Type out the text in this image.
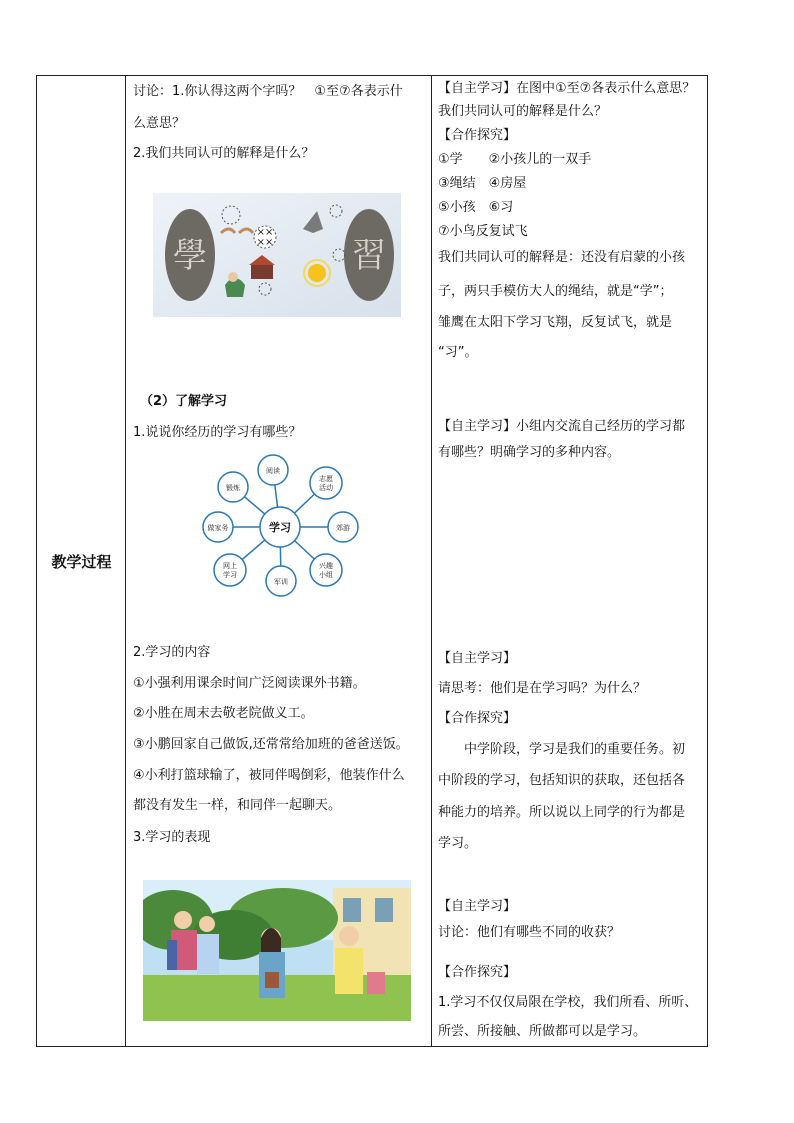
教学过程
讨论：1.你认得这两个字吗？　①至⑦各表示什
么意思？
2.我们共同认可的解释是什么？
學	習
××
××
（2）了解学习
1.说说你经历的学习有哪些？
阅读
志愿
活动
郊游
兴趣
小组
军训
网上
学习
做家务
锻炼
学习
2.学习的内容
①小强利用课余时间广泛阅读课外书籍。
②小胜在周末去敬老院做义工。
③小鹏回家自己做饭,还常常给加班的爸爸送饭。
④小利打篮球输了，被同伴喝倒彩，他装作什么
都没有发生一样，和同伴一起聊天。
3.学习的表现
【自主学习】在图中①至⑦各表示什么意思？
我们共同认可的解释是什么？
【合作探究】
①学　　②小孩儿的一双手
③绳结　④房屋
⑤小孩　⑥习
⑦小鸟反复试飞
我们共同认可的解释是：还没有启蒙的小孩
子，两只手模仿大人的绳结，就是“学”；
雏鹰在太阳下学习飞翔，反复试飞，就是
“习”。
【自主学习】小组内交流自己经历的学习都
有哪些？明确学习的多种内容。
【自主学习】
请思考：他们是在学习吗？为什么？
【合作探究】
　　中学阶段，学习是我们的重要任务。初
中阶段的学习，包括知识的获取，还包括各
种能力的培养。所以说以上同学的行为都是
学习。
【自主学习】
讨论：他们有哪些不同的收获？
【合作探究】
1.学习不仅仅局限在学校，我们所看、所听、
所尝、所接触、所做都可以是学习。
